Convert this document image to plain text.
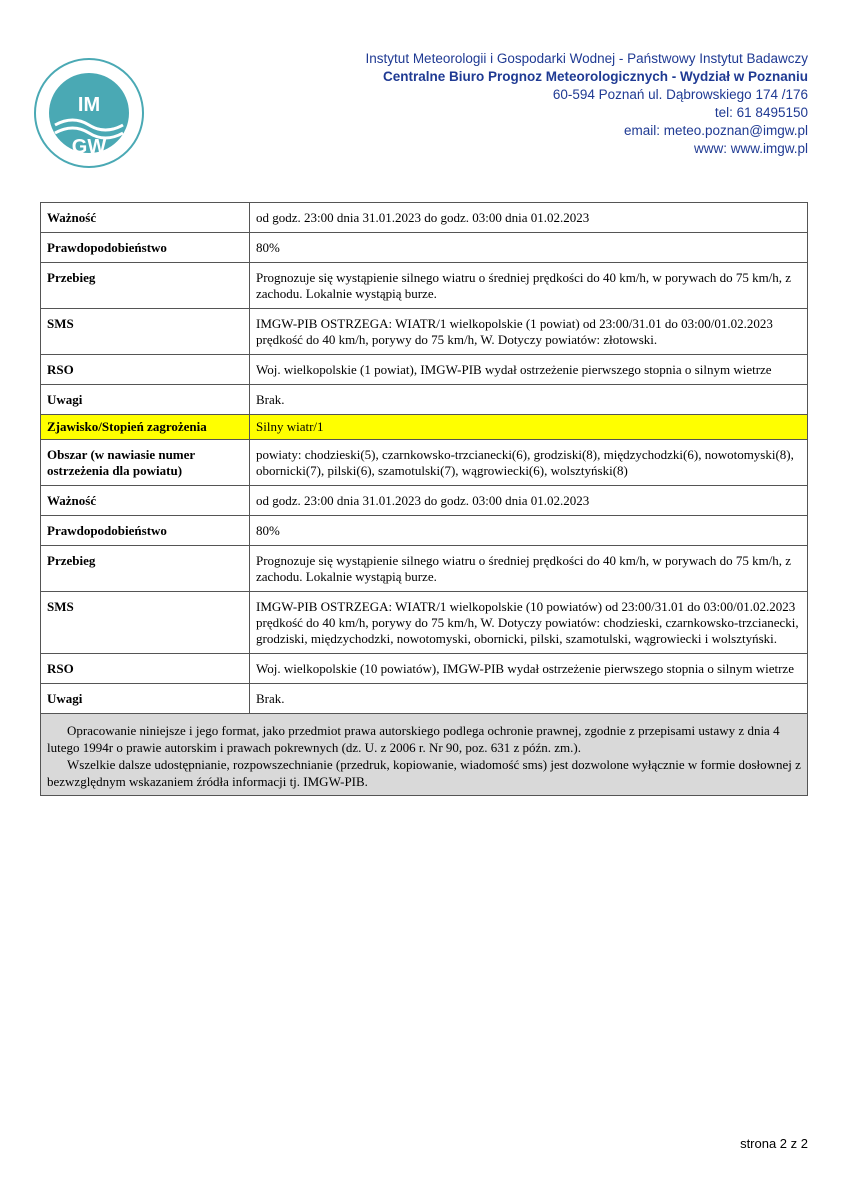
IM
GW
Instytut Meteorologii i Gospodarki Wodnej - Państwowy Instytut Badawczy
Centralne Biuro Prognoz Meteorologicznych - Wydział w Poznaniu
60-594 Poznań ul. Dąbrowskiego 174 /176
tel: 61 8495150
email: meteo.poznan@imgw.pl
www: www.imgw.pl
Ważność	od godz. 23:00 dnia 31.01.2023 do godz. 03:00 dnia 01.02.2023
Prawdopodobieństwo	80%
Przebieg	Prognozuje się wystąpienie silnego wiatru o średniej prędkości do 40 km/h, w porywach do 75 km/h, z zachodu. Lokalnie wystąpią burze.
SMS	IMGW-PIB OSTRZEGA: WIATR/1 wielkopolskie (1 powiat) od 23:00/31.01 do 03:00/01.02.2023 prędkość do 40 km/h, porywy do 75 km/h, W. Dotyczy powiatów: złotowski.
RSO	Woj. wielkopolskie (1 powiat), IMGW-PIB wydał ostrzeżenie pierwszego stopnia o silnym wietrze
Uwagi	Brak.
Zjawisko/Stopień zagrożenia	Silny wiatr/1
Obszar (w nawiasie numer ostrzeżenia dla powiatu)	powiaty: chodzieski(5), czarnkowsko-trzcianecki(6), grodziski(8), międzychodzki(6), nowotomyski(8), obornicki(7), pilski(6), szamotulski(7), wągrowiecki(6), wolsztyński(8)
Ważność	od godz. 23:00 dnia 31.01.2023 do godz. 03:00 dnia 01.02.2023
Prawdopodobieństwo	80%
Przebieg	Prognozuje się wystąpienie silnego wiatru o średniej prędkości do 40 km/h, w porywach do 75 km/h, z zachodu. Lokalnie wystąpią burze.
SMS	IMGW-PIB OSTRZEGA: WIATR/1 wielkopolskie (10 powiatów) od 23:00/31.01 do 03:00/01.02.2023 prędkość do 40 km/h, porywy do 75 km/h, W. Dotyczy powiatów: chodzieski, czarnkowsko-trzcianecki, grodziski, międzychodzki, nowotomyski, obornicki, pilski, szamotulski, wągrowiecki i wolsztyński.
RSO	Woj. wielkopolskie (10 powiatów), IMGW-PIB wydał ostrzeżenie pierwszego stopnia o silnym wietrze
Uwagi	Brak.

Opracowanie niniejsze i jego format, jako przedmiot prawa autorskiego podlega ochronie prawnej, zgodnie z przepisami ustawy z dnia 4 lutego 1994r o prawie autorskim i prawach pokrewnych (dz. U. z 2006 r. Nr 90, poz. 631 z późn. zm.).

Wszelkie dalsze udostępnianie, rozpowszechnianie (przedruk, kopiowanie, wiadomość sms) jest dozwolone wyłącznie w formie dosłownej z bezwzględnym wskazaniem źródła informacji tj. IMGW-PIB.	

strona 2 z 2
